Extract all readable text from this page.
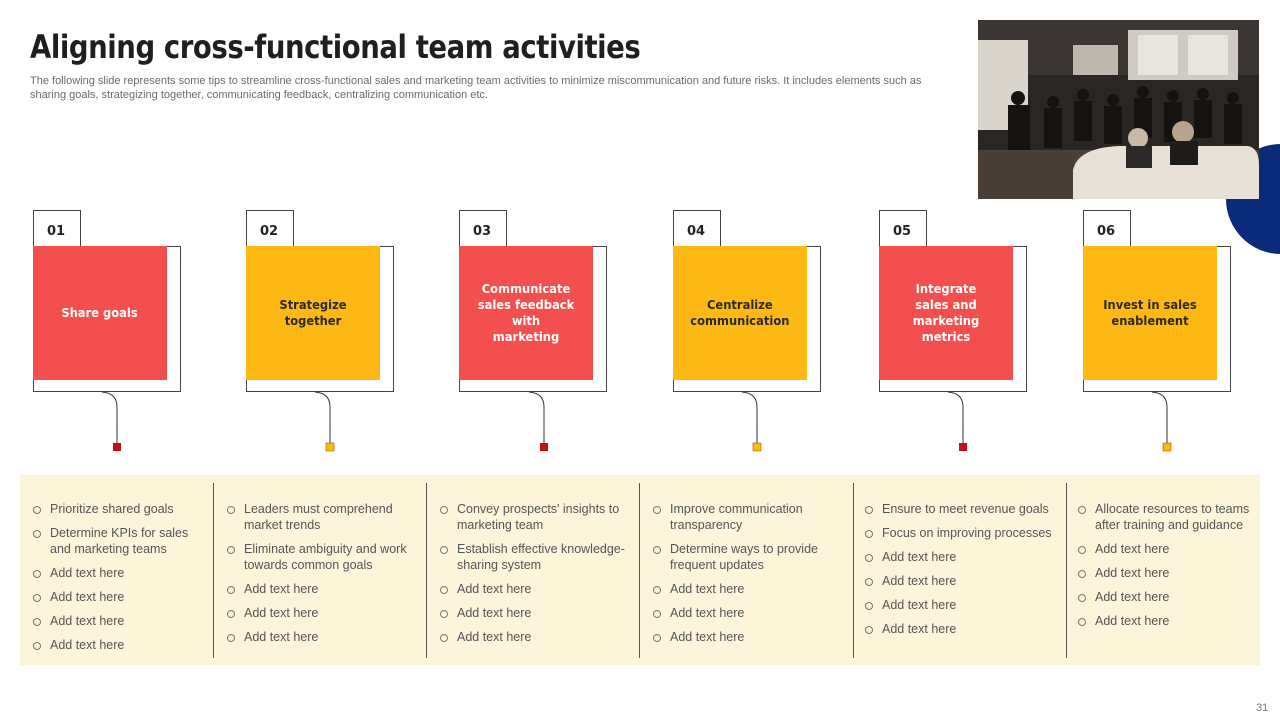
Aligning cross-functional team activities
The following slide represents some tips to streamline cross-functional sales and marketing team activities to minimize miscommunication and future risks. It includes elements such as sharing goals, strategizing together, communicating feedback, centralizing communication etc.
01
Share goals
02
Strategize together
03
Communicate sales feedback with marketing
04
Centralize communication
05
Integrate sales and marketing metrics
06
Invest in sales enablement
Prioritize shared goals
Determine KPIs for sales and marketing teams
Add text here
Add text here
Add text here
Add text here
Leaders must comprehend market trends
Eliminate ambiguity and work towards common goals
Add text here
Add text here
Add text here
Convey prospects' insights to marketing team
Establish effective knowledge-sharing system
Add text here
Add text here
Add text here
Improve communication transparency
Determine ways to provide frequent updates
Add text here
Add text here
Add text here
Ensure to meet revenue goals
Focus on improving processes
Add text here
Add text here
Add text here
Add text here
Allocate resources to teams after training and guidance
Add text here
Add text here
Add text here
Add text here
31
